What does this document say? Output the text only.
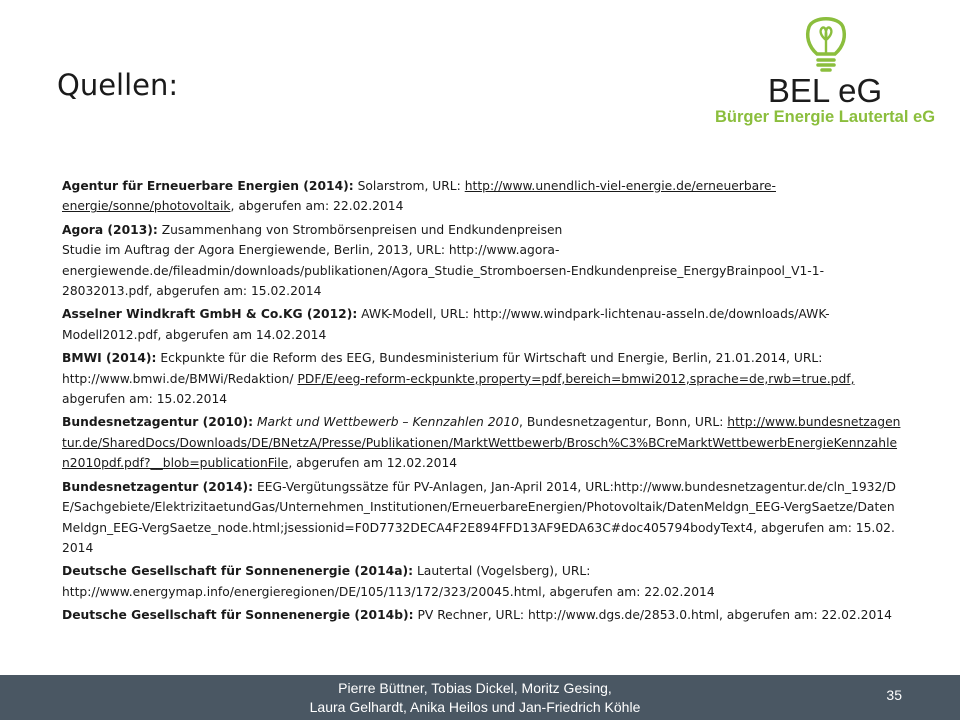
Quellen:	BEL eG
Bürger Energie Lautertal eG

Agentur für Erneuerbare Energien (2014): Solarstrom, URL: http://www.unendlich-viel-energie.de/erneuerbare-energie/sonne/photovoltaik, abgerufen am: 22.02.2014

Agora (2013): Zusammenhang von Strombörsenpreisen und Endkundenpreisen
Studie im Auftrag der Agora Energiewende, Berlin, 2013, URL: http://www.agora-energiewende.de/fileadmin/downloads/publikationen/Agora_Studie_Stromboersen-Endkundenpreise_EnergyBrainpool_V1-1-28032013.pdf, abgerufen am: 15.02.2014

Asselner Windkraft GmbH & Co.KG (2012): AWK-Modell, URL: http://www.windpark-lichtenau-asseln.de/downloads/AWK-Modell2012.pdf, abgerufen am 14.02.2014

BMWI (2014): Eckpunkte für die Reform des EEG, Bundesministerium für Wirtschaft und Energie, Berlin, 21.01.2014, URL: http://www.bmwi.de/BMWi/Redaktion/ PDF/E/eeg-reform-eckpunkte,property=pdf,bereich=bmwi2012,sprache=de,rwb=true.pdf, abgerufen am: 15.02.2014

Bundesnetzagentur (2010): Markt und Wettbewerb – Kennzahlen 2010, Bundesnetzagentur, Bonn, URL: http://www.bundesnetzagentur.de/SharedDocs/Downloads/DE/BNetzA/Presse/Publikationen/MarktWettbewerb/Brosch%C3%BCreMarktWettbewerbEnergieKennzahlen2010pdf.pdf?__blob=publicationFile, abgerufen am 12.02.2014

Bundesnetzagentur (2014): EEG-Vergütungssätze für PV-Anlagen, Jan-April 2014, URL:http://www.bundesnetzagentur.de/cln_1932/DE/Sachgebiete/ElektrizitaetundGas/Unternehmen_Institutionen/ErneuerbareEnergien/Photovoltaik/DatenMeldgn_EEG-VergSaetze/DatenMeldgn_EEG-VergSaetze_node.html;jsessionid=F0D7732DECA4F2E894FFD13AF9EDA63C#doc405794bodyText4, abgerufen am: 15.02.2014

Deutsche Gesellschaft für Sonnenenergie (2014a): Lautertal (Vogelsberg), URL: http://www.energymap.info/energieregionen/DE/105/113/172/323/20045.html, abgerufen am: 22.02.2014

Deutsche Gesellschaft für Sonnenenergie (2014b): PV Rechner, URL: http://www.dgs.de/2853.0.html, abgerufen am: 22.02.2014

Pierre Büttner, Tobias Dickel, Moritz Gesing,
Laura Gelhardt, Anika Heilos und Jan-Friedrich Köhle
35
